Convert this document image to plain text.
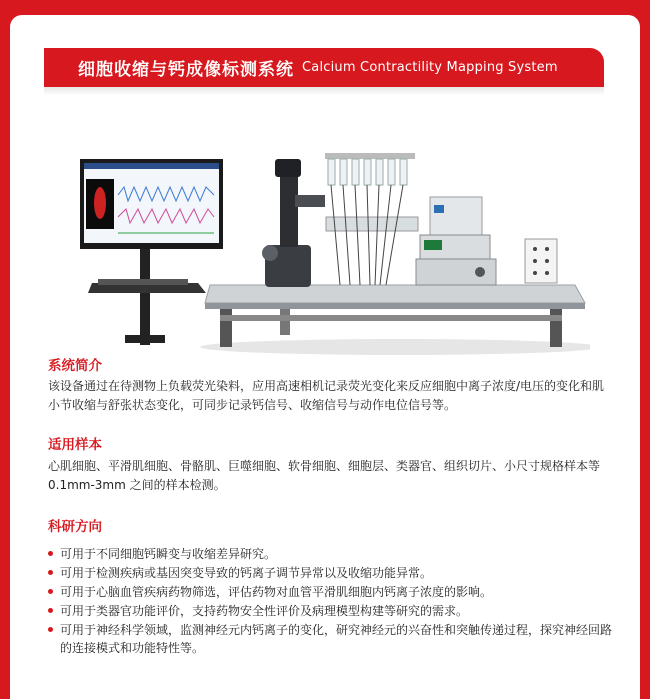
细胞收缩与钙成像标测系统 Calcium Contractility Mapping System
系统简介
该设备通过在待测物上负载荧光染料，应用高速相机记录荧光变化来反应细胞中离子浓度/电压的变化和肌小节收缩与舒张状态变化，可同步记录钙信号、收缩信号与动作电位信号等。
适用样本
心肌细胞、平滑肌细胞、骨骼肌、巨噬细胞、软骨细胞、细胞层、类器官、组织切片、小尺寸规格样本等0.1mm-3mm 之间的样本检测。
科研方向
可用于不同细胞钙瞬变与收缩差异研究。
可用于检测疾病或基因突变导致的钙离子调节异常以及收缩功能异常。
可用于心脑血管疾病药物筛选，评估药物对血管平滑肌细胞内钙离子浓度的影响。
可用于类器官功能评价，支持药物安全性评价及病理模型构建等研究的需求。
可用于神经科学领域，监测神经元内钙离子的变化，研究神经元的兴奋性和突触传递过程，探究神经回路的连接模式和功能特性等。
